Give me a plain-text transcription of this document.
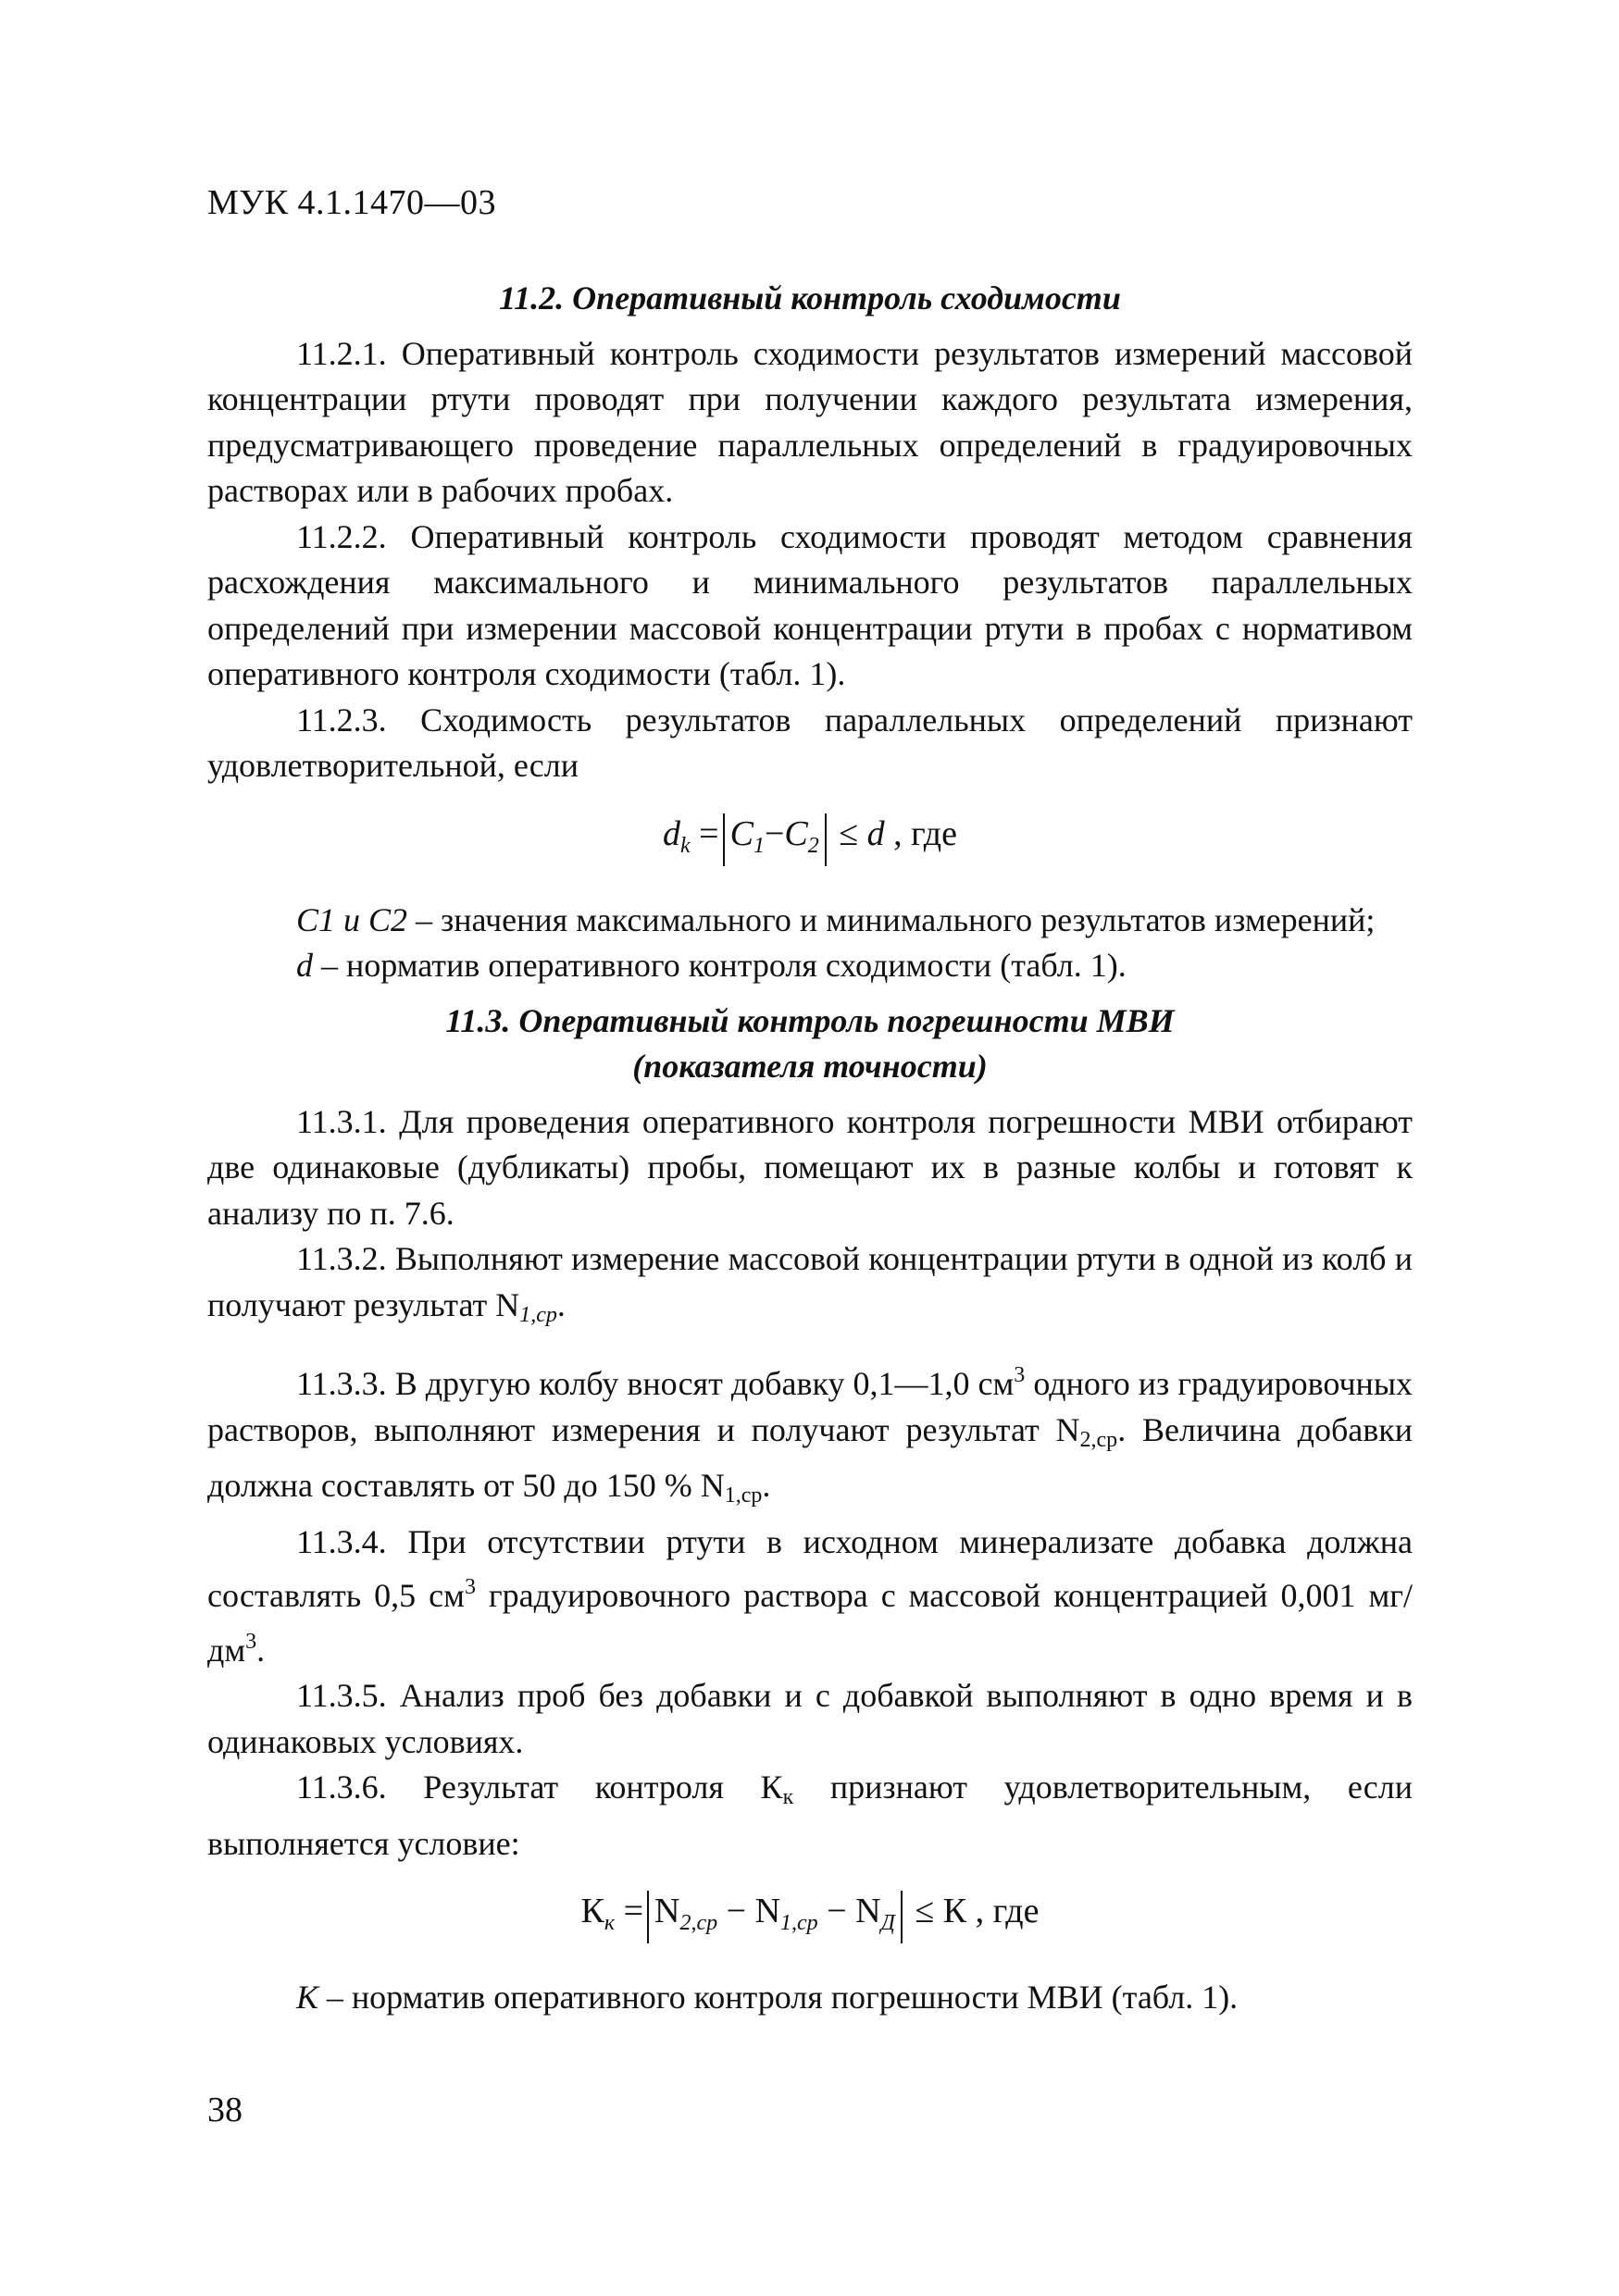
МУК 4.1.1470—03

11.2. Оперативный контроль сходимости

11.2.1. Оперативный контроль сходимости результатов измерений массовой концентрации ртути проводят при получении каждого результата измерения, предусматривающего проведение параллельных определений в градуировочных растворах или в рабочих пробах.

11.2.2. Оперативный контроль сходимости проводят методом сравнения расхождения максимального и минимального результатов параллельных определений при измерении массовой концентрации ртути в пробах с нормативом оперативного контроля сходимости (табл. 1).

11.2.3. Сходимость результатов параллельных определений признают удовлетворительной, если

$d_k = C_1-C_2 \le d$ , где

C1 и C2 – значения максимального и минимального результатов измерений;

d – норматив оперативного контроля сходимости (табл. 1).

11.3. Оперативный контроль погрешности МВИ
(показателя точности)

11.3.1. Для проведения оперативного контроля погрешности МВИ отбирают две одинаковые (дубликаты) пробы, помещают их в разные колбы и готовят к анализу по п. 7.6.

11.3.2. Выполняют измерение массовой концентрации ртути в одной из колб и получают результат $N_{1,ср}$.

11.3.3. В другую колбу вносят добавку 0,1—1,0 $см^3$ одного из градуировочных растворов, выполняют измерения и получают результат $N_{2,ср}$. Величина добавки должна составлять от 50 до 150 % $N_{1,ср}$.

11.3.4. При отсутствии ртути в исходном минерализате добавка должна составлять 0,5 $см^3$ градуировочного раствора с массовой концентрацией 0,001 $мг/дм^3$.

11.3.5. Анализ проб без добавки и с добавкой выполняют в одно время и в одинаковых условиях.

11.3.6. Результат контроля $К_к$ признают удовлетворительным, если выполняется условие:

$К_к = N_{2,ср} - N_{1,ср} - N_Д \le К$ , где

К – норматив оперативного контроля погрешности МВИ (табл. 1).

38
